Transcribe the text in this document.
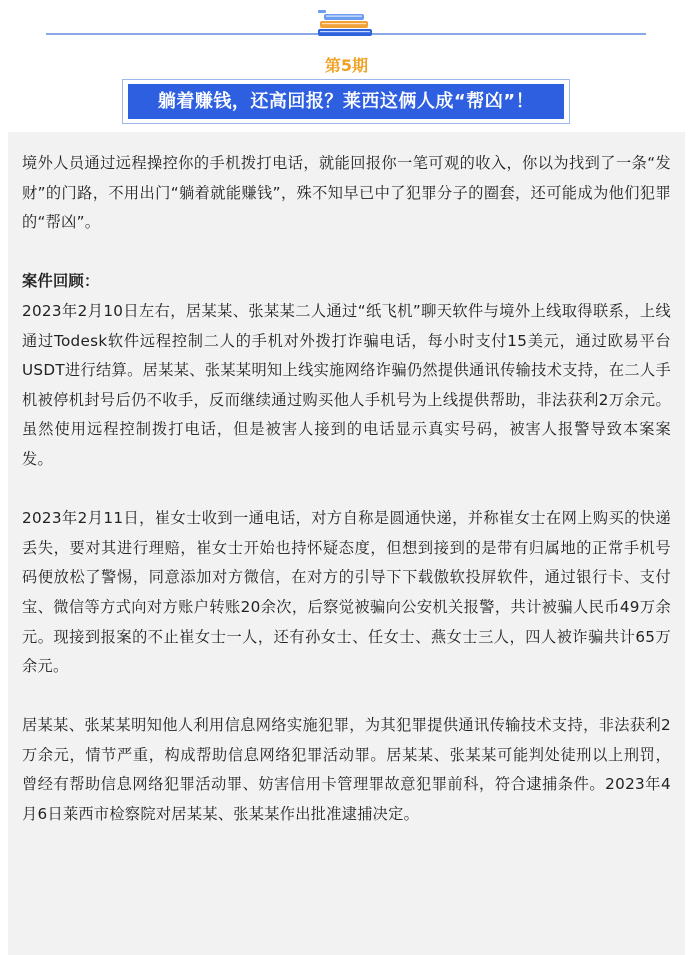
第5期
躺着赚钱，还高回报？莱西这俩人成“帮凶”！

境外人员通过远程操控你的手机拨打电话，就能回报你一笔可观的收入，你以为找到了一条“发财”的门路，不用出门“躺着就能赚钱”，殊不知早已中了犯罪分子的圈套，还可能成为他们犯罪的“帮凶”。

案件回顾：

2023年2月10日左右，居某某、张某某二人通过“纸飞机”聊天软件与境外上线取得联系，上线通过Todesk软件远程控制二人的手机对外拨打诈骗电话，每小时支付15美元，通过欧易平台USDT进行结算。居某某、张某某明知上线实施网络诈骗仍然提供通讯传输技术支持，在二人手机被停机封号后仍不收手，反而继续通过购买他人手机号为上线提供帮助，非法获利2万余元。虽然使用远程控制拨打电话，但是被害人接到的电话显示真实号码，被害人报警导致本案案发。

2023年2月11日，崔女士收到一通电话，对方自称是圆通快递，并称崔女士在网上购买的快递丢失，要对其进行理赔，崔女士开始也持怀疑态度，但想到接到的是带有归属地的正常手机号码便放松了警惕，同意添加对方微信，在对方的引导下下载傲软投屏软件，通过银行卡、支付宝、微信等方式向对方账户转账20余次，后察觉被骗向公安机关报警，共计被骗人民币49万余元。现接到报案的不止崔女士一人，还有孙女士、任女士、燕女士三人，四人被诈骗共计65万余元。

居某某、张某某明知他人利用信息网络实施犯罪，为其犯罪提供通讯传输技术支持，非法获利2万余元，情节严重，构成帮助信息网络犯罪活动罪。居某某、张某某可能判处徒刑以上刑罚，曾经有帮助信息网络犯罪活动罪、妨害信用卡管理罪故意犯罪前科，符合逮捕条件。2023年4月6日莱西市检察院对居某某、张某某作出批准逮捕决定。
